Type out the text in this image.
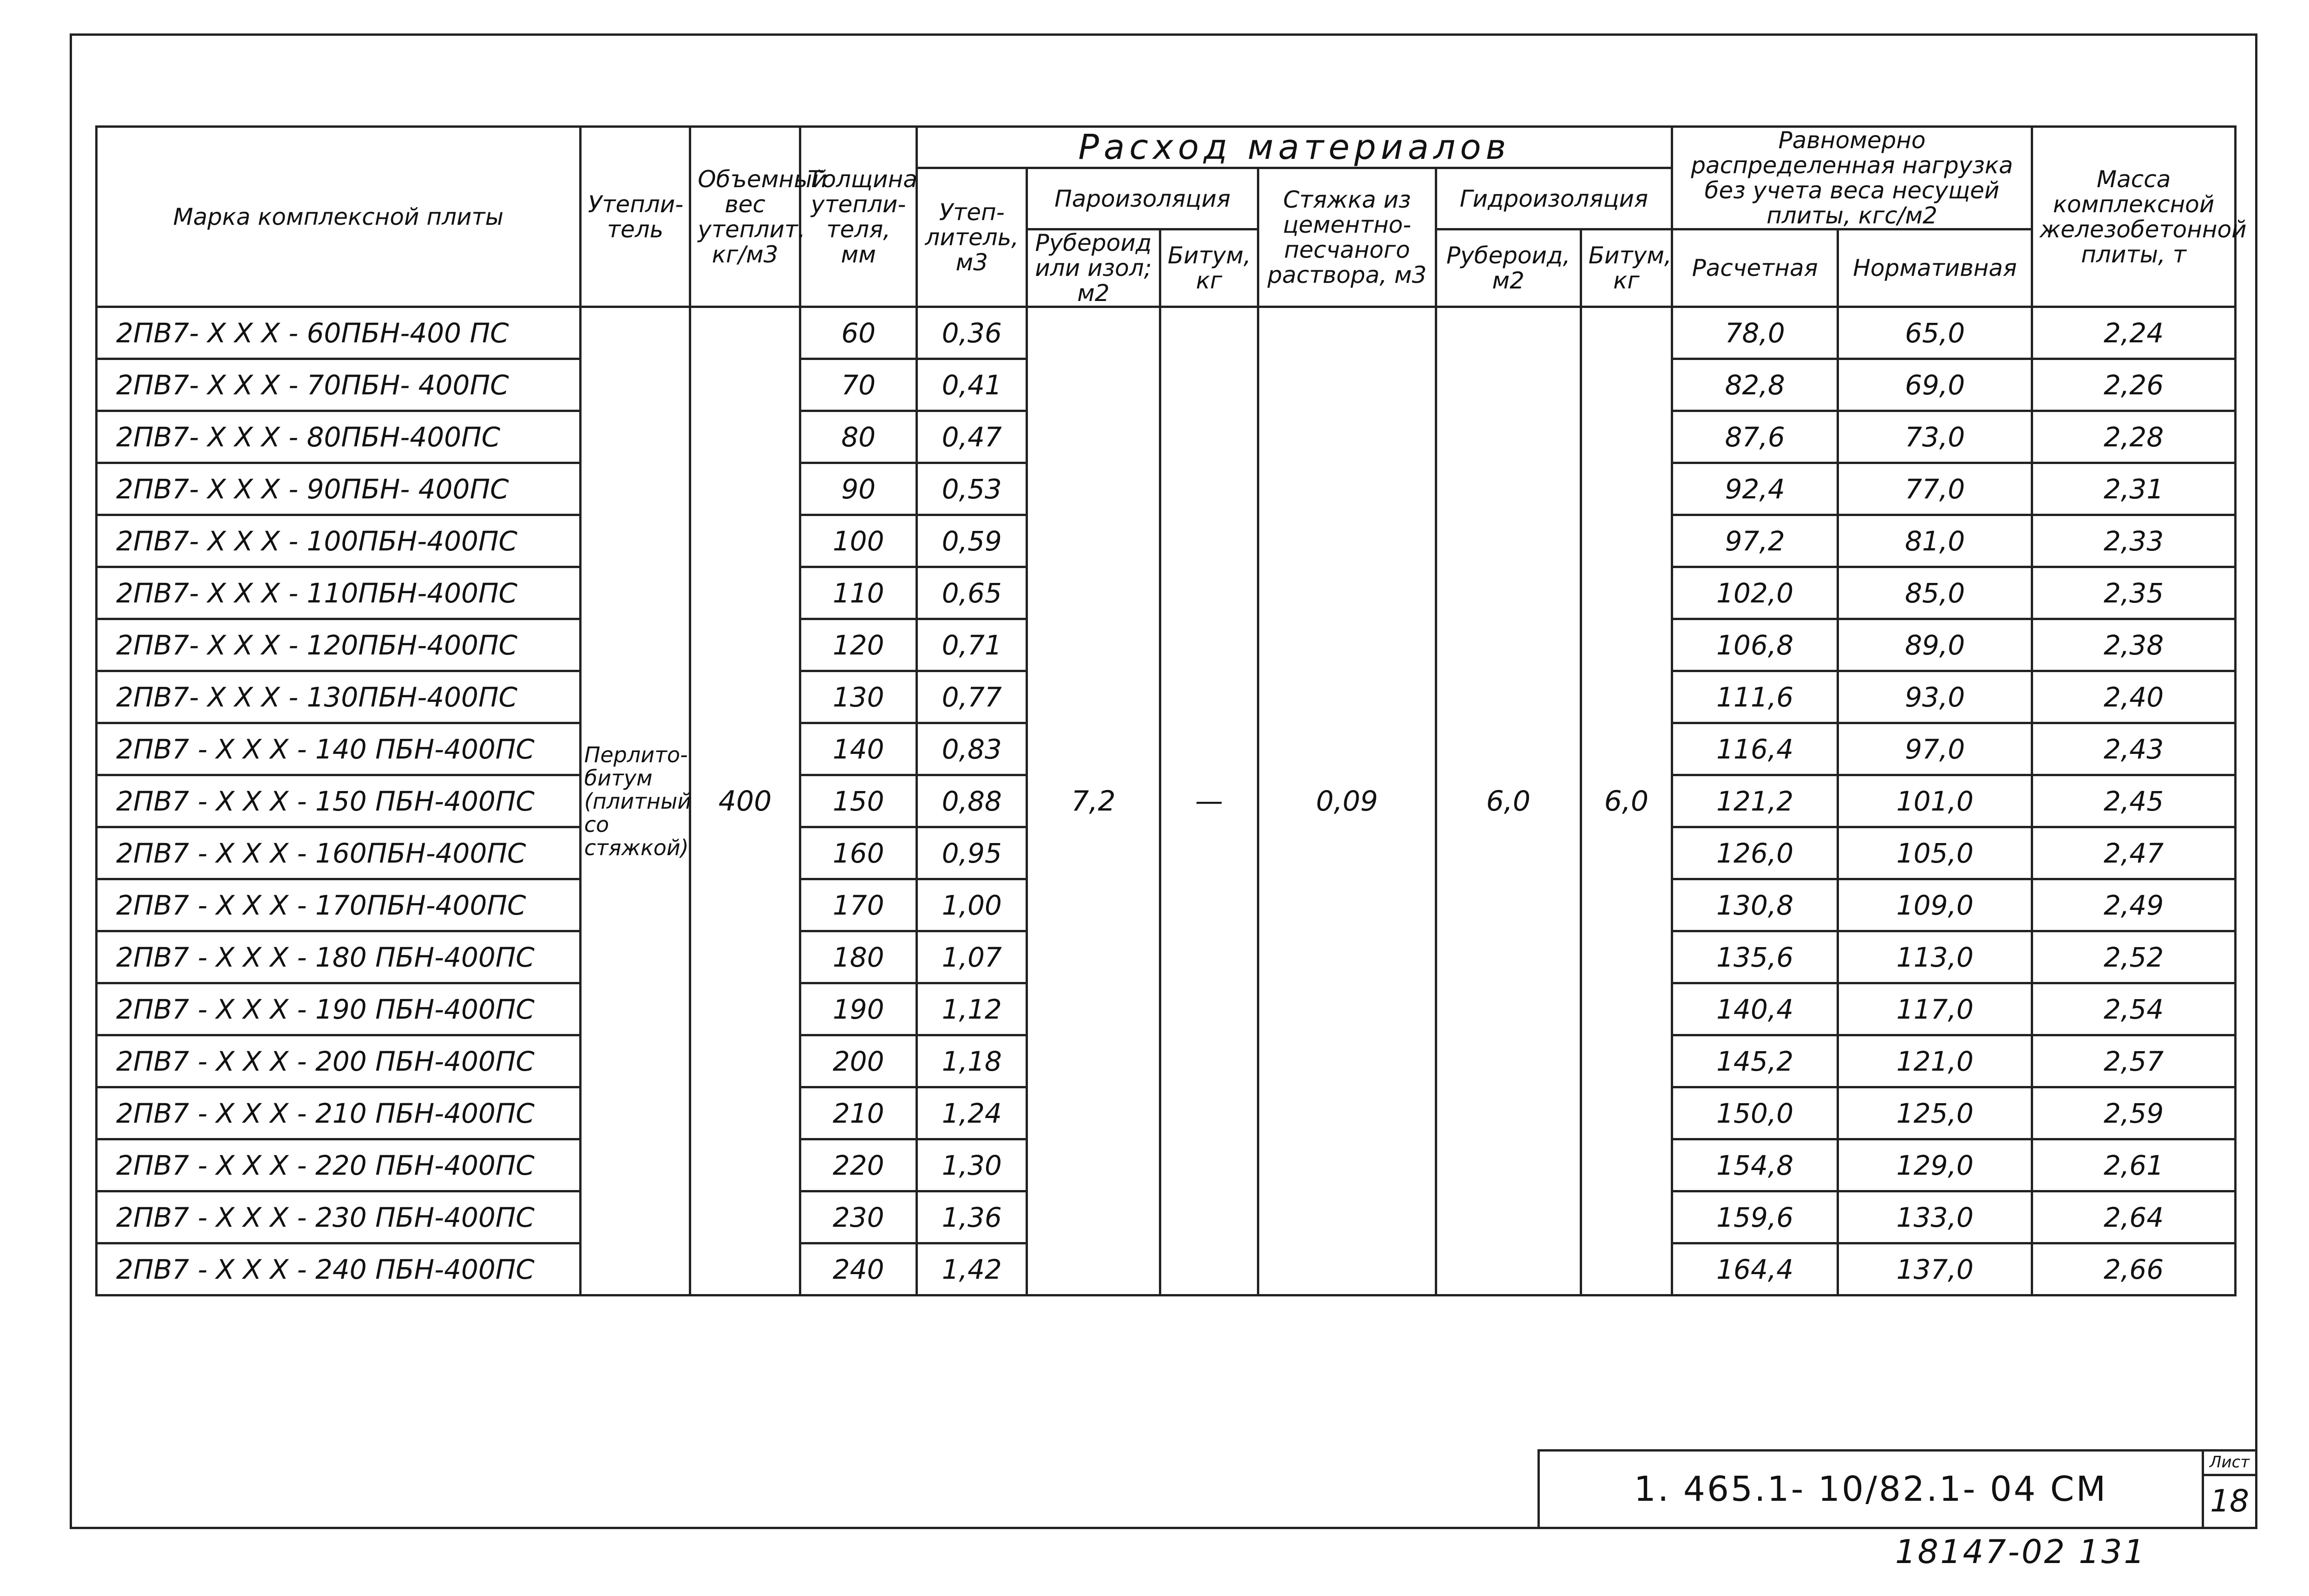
Марка комплексной плиты	Утепли-тель	Объемный вес утеплит. кг/м3	Толщина утепли-теля, мм	Расход материалов						Равномерно распределенная нагрузка без учета веса несущей плиты, кгс/м2		Масса комплексной железобетонной плиты, т
				Утеп-литель, м3	Пароизоляция		Стяжка из цементно-песчаного раствора, м3	Гидроизоляция				
					Рубероид или изол; м2	Битум, кг		Рубероид, м2	Битум, кг	Расчетная	Нормативная	
2ПВ7- X X X - 60ПБН-400 ПС	Перлито-битум (плитный со стяжкой)	400	60	0,36	7,2	—	0,09	6,0	6,0	78,0	65,0	2,24
2ПВ7- X X X - 70ПБН- 400ПС			70	0,41						82,8	69,0	2,26
2ПВ7- X X X - 80ПБН-400ПС			80	0,47						87,6	73,0	2,28
2ПВ7- X X X - 90ПБН- 400ПС			90	0,53						92,4	77,0	2,31
2ПВ7- X X X - 100ПБН-400ПС			100	0,59						97,2	81,0	2,33
2ПВ7- X X X - 110ПБН-400ПС			110	0,65						102,0	85,0	2,35
2ПВ7- X X X - 120ПБН-400ПС			120	0,71						106,8	89,0	2,38
2ПВ7- X X X - 130ПБН-400ПС			130	0,77						111,6	93,0	2,40
2ПВ7 - X X X - 140 ПБН-400ПС			140	0,83						116,4	97,0	2,43
2ПВ7 - X X X - 150 ПБН-400ПС			150	0,88						121,2	101,0	2,45
2ПВ7 - X X X - 160ПБН-400ПС			160	0,95						126,0	105,0	2,47
2ПВ7 - X X X - 170ПБН-400ПС			170	1,00						130,8	109,0	2,49
2ПВ7 - X X X - 180 ПБН-400ПС			180	1,07						135,6	113,0	2,52
2ПВ7 - X X X - 190 ПБН-400ПС			190	1,12						140,4	117,0	2,54
2ПВ7 - X X X - 200 ПБН-400ПС			200	1,18						145,2	121,0	2,57
2ПВ7 - X X X - 210 ПБН-400ПС			210	1,24						150,0	125,0	2,59
2ПВ7 - X X X - 220 ПБН-400ПС			220	1,30						154,8	129,0	2,61
2ПВ7 - X X X - 230 ПБН-400ПС			230	1,36						159,6	133,0	2,64
2ПВ7 - X X X - 240 ПБН-400ПС			240	1,42						164,4	137,0	2,66
1. 465.1- 10/82.1- 04 СМ
Лист
18
18147-02 131
